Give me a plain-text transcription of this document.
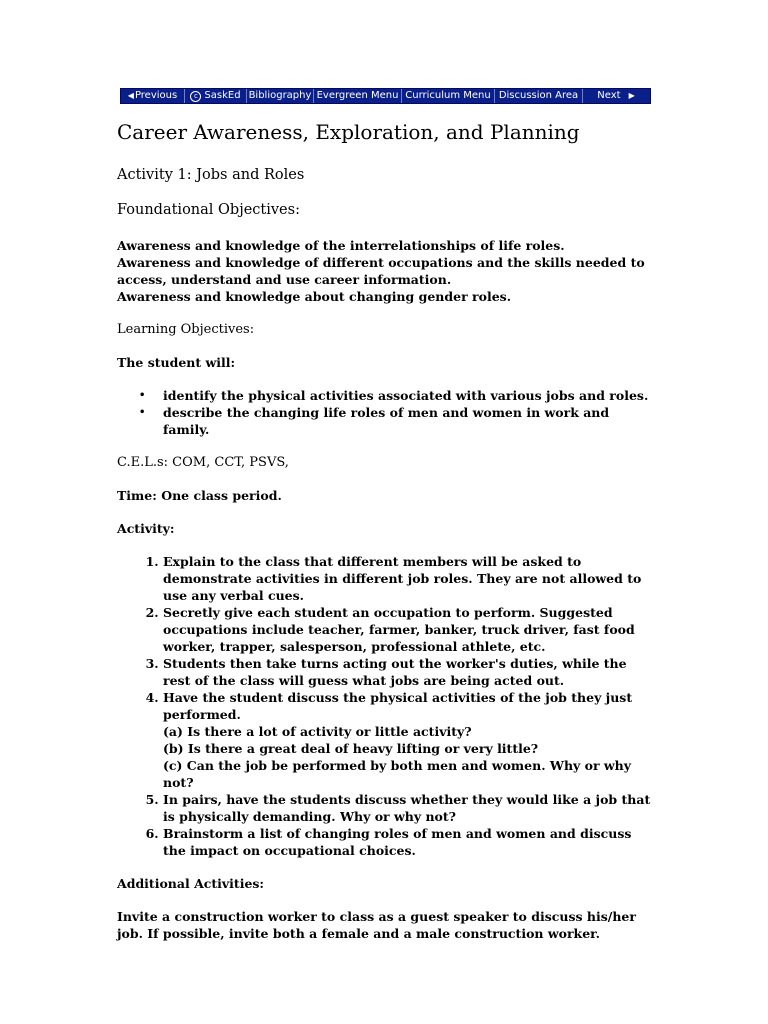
◀Previous	c SaskEd Bibliography Evergreen Menu Curriculum Menu Discussion Area	Next ▶
Career Awareness, Exploration, and Planning
Activity 1: Jobs and Roles
Foundational Objectives:

Awareness and knowledge of the interrelationships of life roles.
Awareness and knowledge of different occupations and the skills needed to access, understand and use career information.
Awareness and knowledge about changing gender roles.

Learning Objectives:

The student will:

• identify the physical activities associated with various jobs and roles.
• describe the changing life roles of men and women in work and family.

C.E.L.s: COM, CCT, PSVS,

Time: One class period.

Activity:

1. Explain to the class that different members will be asked to demonstrate activities in different job roles. They are not allowed to use any verbal cues.
2. Secretly give each student an occupation to perform. Suggested occupations include teacher, farmer, banker, truck driver, fast food worker, trapper, salesperson, professional athlete, etc.
3. Students then take turns acting out the worker's duties, while the rest of the class will guess what jobs are being acted out.
4. Have the student discuss the physical activities of the job they just performed.
(a) Is there a lot of activity or little activity?
(b) Is there a great deal of heavy lifting or very little?
(c) Can the job be performed by both men and women. Why or why not?
5. In pairs, have the students discuss whether they would like a job that is physically demanding. Why or why not?
6. Brainstorm a list of changing roles of men and women and discuss the impact on occupational choices.

Additional Activities:

Invite a construction worker to class as a guest speaker to discuss his/her job. If possible, invite both a female and a male construction worker.
